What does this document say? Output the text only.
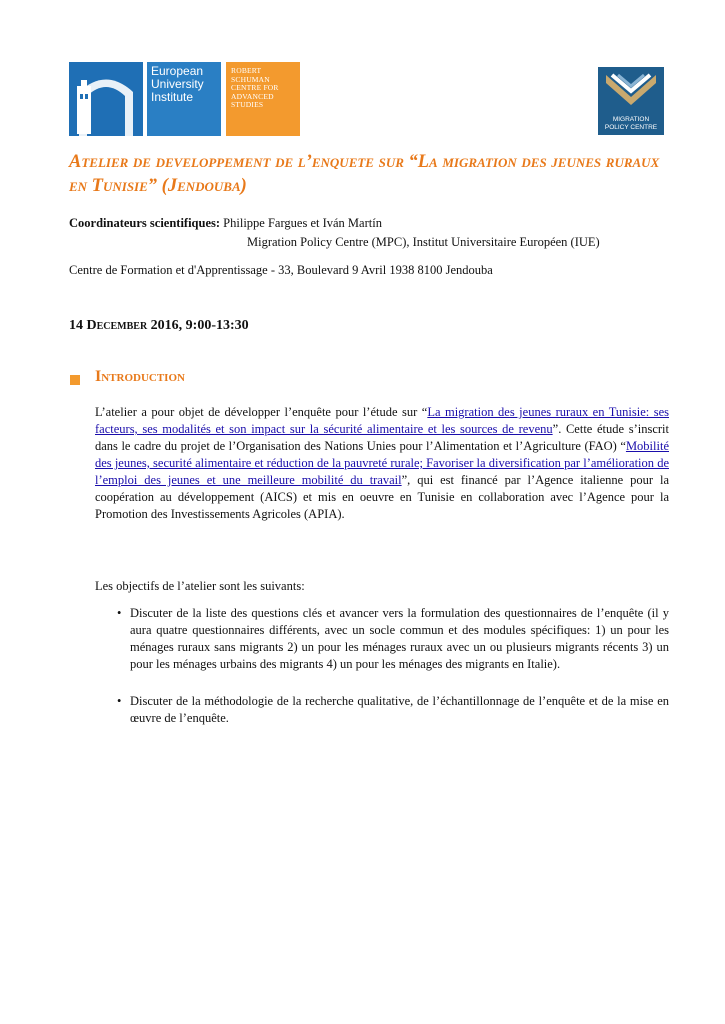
European
University
Institute
ROBERT
SCHUMAN
CENTRE FOR
ADVANCED
STUDIES
MIGRATION
POLICY CENTRE
Atelier de developpement de l’enquete sur “La migration des jeunes ruraux en Tunisie” (Jendouba)
Coordinateurs scientifiques: Philippe Fargues et Iván Martín
Migration Policy Centre (MPC), Institut Universitaire Européen (IUE)
Centre de Formation et d'Apprentissage - 33, Boulevard 9 Avril 1938 8100 Jendouba
14 December 2016, 9:00-13:30
Introduction

L’atelier a pour objet de développer l’enquête pour l’étude sur “La migration des jeunes ruraux en Tunisie: ses facteurs, ses modalités et son impact sur la sécurité alimentaire et les sources de revenu”. Cette étude s’inscrit dans le cadre du projet de l’Organisation des Nations Unies pour l’Alimentation et l’Agriculture (FAO) “Mobilité des jeunes, securité alimentaire et réduction de la pauvreté rurale; Favoriser la diversification par l’amélioration de l’emploi des jeunes et une meilleure mobilité du travail”, qui est financé par l’Agence italienne pour la coopération au développement (AICS) et mis en oeuvre en Tunisie en collaboration avec l’Agence pour la Promotion des Investissements Agricoles (APIA).

Les objectifs de l’atelier sont les suivants:

• Discuter de la liste des questions clés et avancer vers la formulation des questionnaires de l’enquête (il y aura quatre questionnaires différents, avec un socle commun et des modules spécifiques: 1) un pour les ménages ruraux sans migrants 2) un pour les ménages ruraux avec un ou plusieurs migrants récents 3) un pour les ménages urbains des migrants 4) un pour les ménages des migrants en Italie).
• Discuter de la méthodologie de la recherche qualitative, de l’échantillonnage de l’enquête et de la mise en œuvre de l’enquête.
